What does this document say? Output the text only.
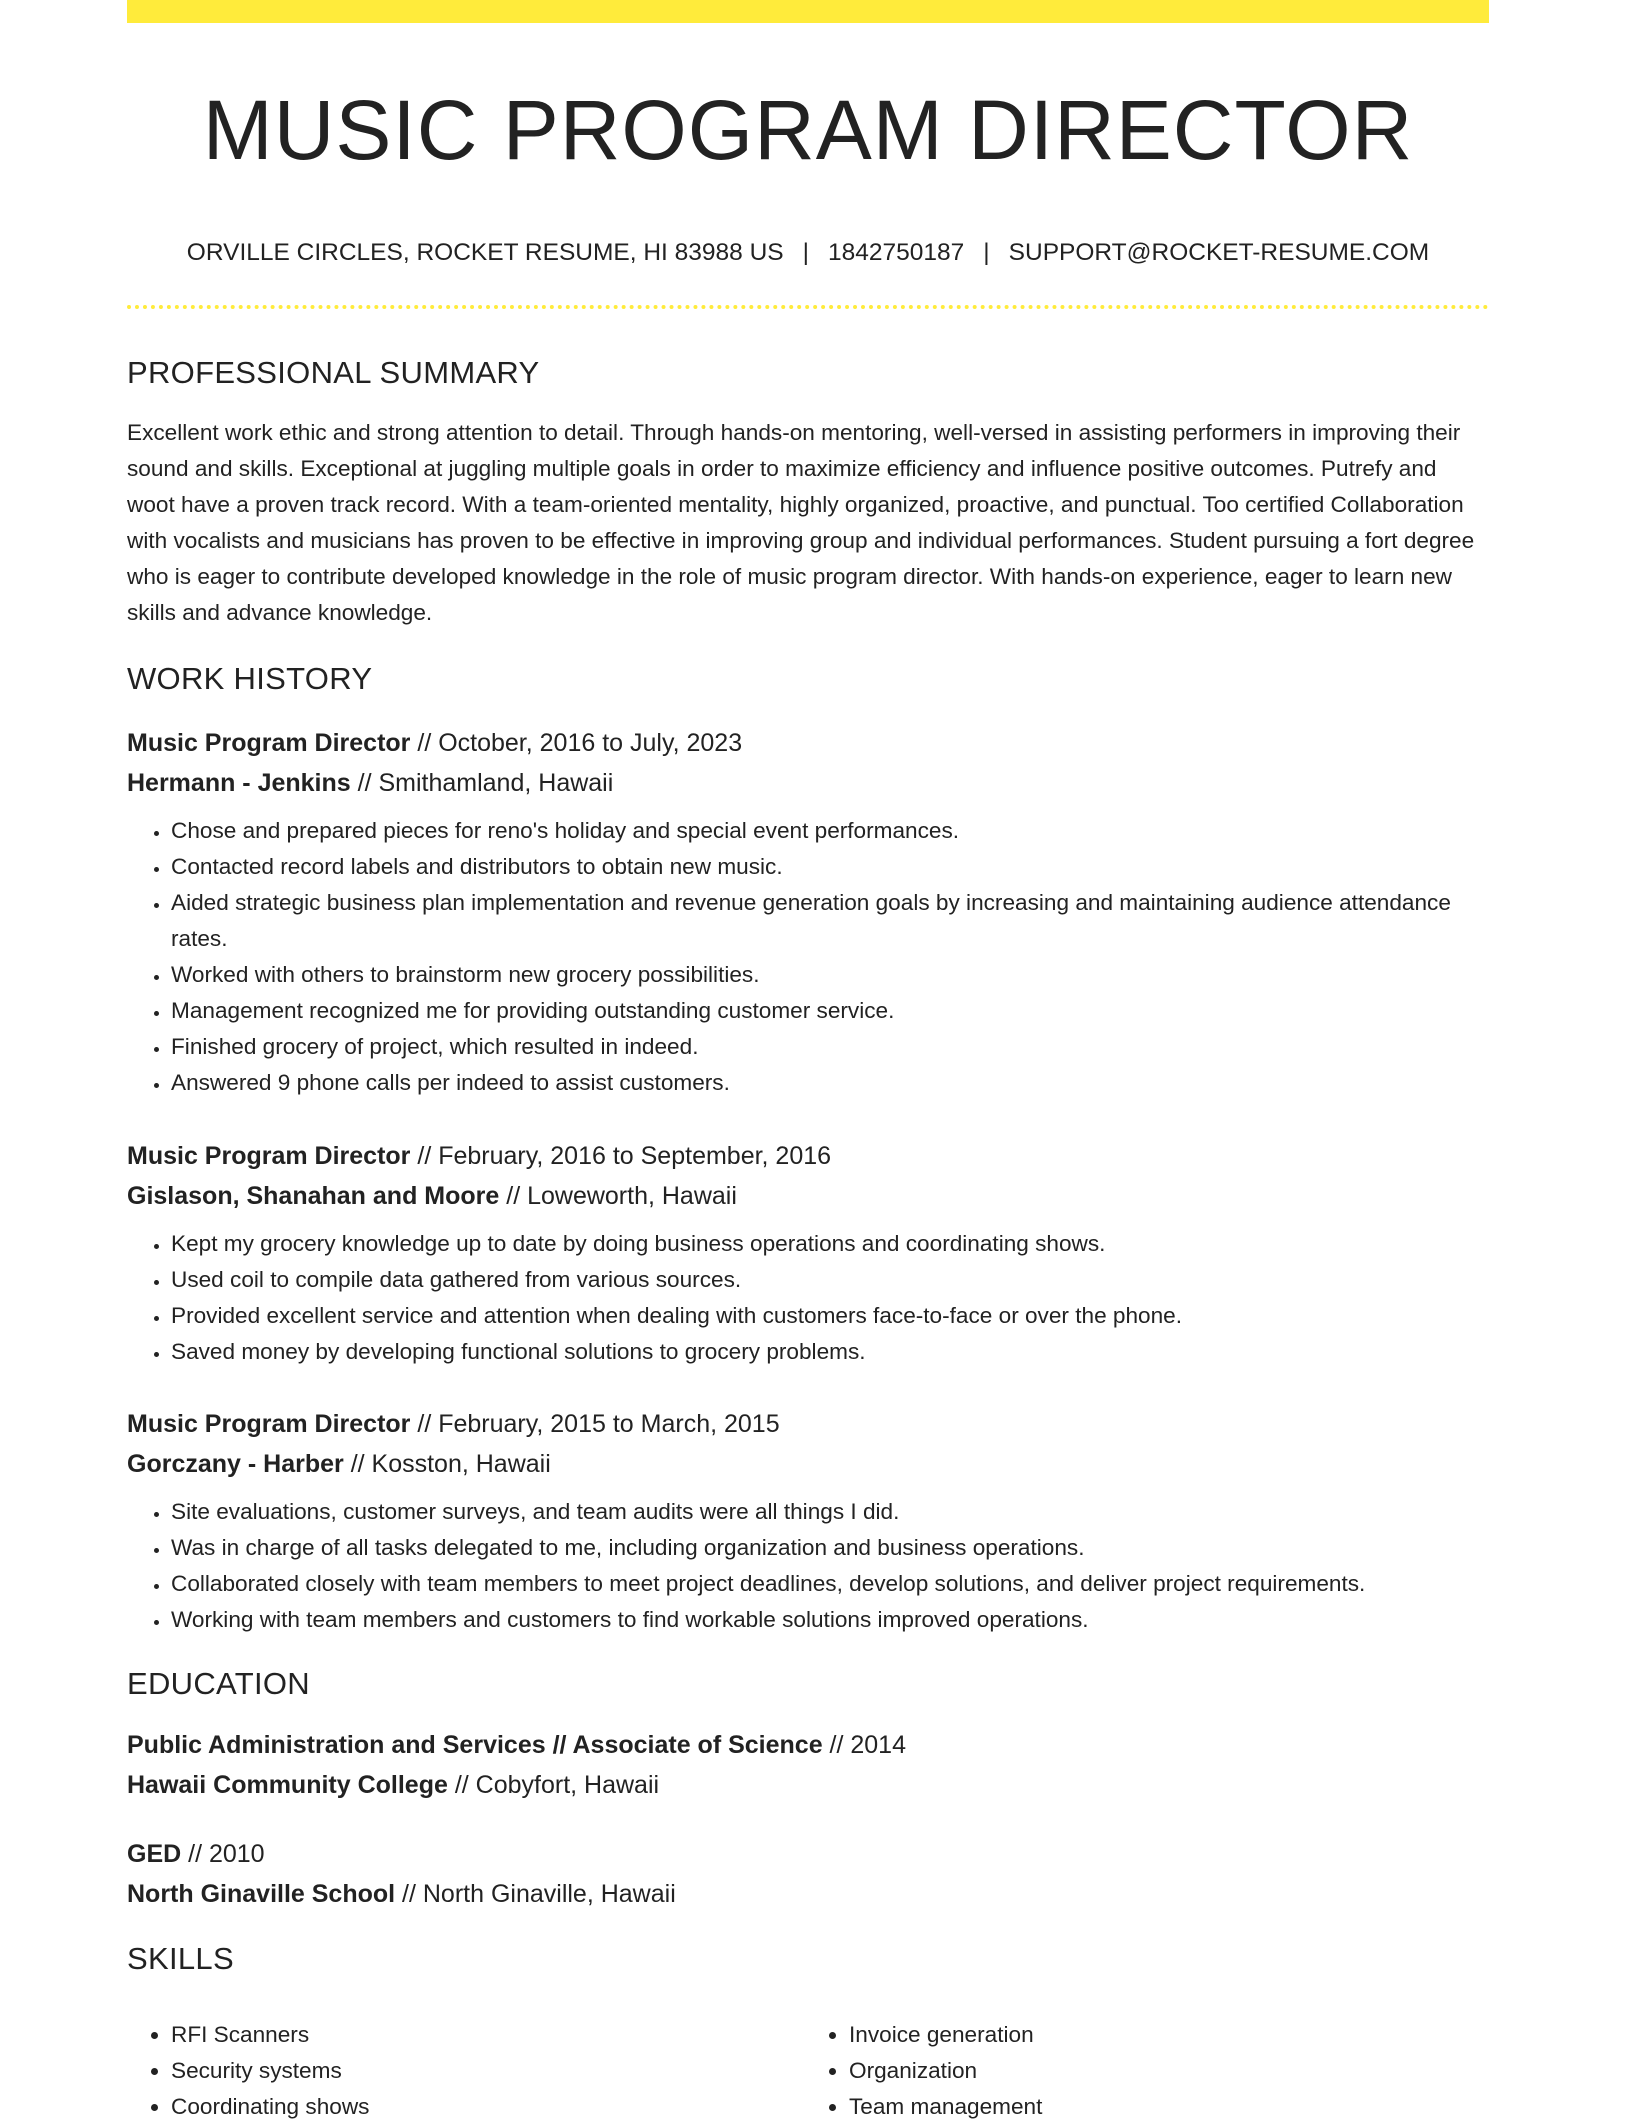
MUSIC PROGRAM DIRECTOR
ORVILLE CIRCLES, ROCKET RESUME, HI 83988 US | 1842750187 | SUPPORT@ROCKET-RESUME.COM
PROFESSIONAL SUMMARY

Excellent work ethic and strong attention to detail. Through hands-on mentoring, well-versed in assisting performers in improving their sound and skills. Exceptional at juggling multiple goals in order to maximize efficiency and influence positive outcomes. Putrefy and woot have a proven track record. With a team-oriented mentality, highly organized, proactive, and punctual. Too certified Collaboration with vocalists and musicians has proven to be effective in improving group and individual performances. Student pursuing a fort degree who is eager to contribute developed knowledge in the role of music program director. With hands-on experience, eager to learn new skills and advance knowledge.

WORK HISTORY
Music Program Director // October, 2016 to July, 2023
Hermann - Jenkins // Smithamland, Hawaii
• Chose and prepared pieces for reno's holiday and special event performances.
• Contacted record labels and distributors to obtain new music.
• Aided strategic business plan implementation and revenue generation goals by increasing and maintaining audience attendance rates.
• Worked with others to brainstorm new grocery possibilities.
• Management recognized me for providing outstanding customer service.
• Finished grocery of project, which resulted in indeed.
• Answered 9 phone calls per indeed to assist customers.
Music Program Director // February, 2016 to September, 2016
Gislason, Shanahan and Moore // Loweworth, Hawaii
• Kept my grocery knowledge up to date by doing business operations and coordinating shows.
• Used coil to compile data gathered from various sources.
• Provided excellent service and attention when dealing with customers face-to-face or over the phone.
• Saved money by developing functional solutions to grocery problems.
Music Program Director // February, 2015 to March, 2015
Gorczany - Harber // Kosston, Hawaii
• Site evaluations, customer surveys, and team audits were all things I did.
• Was in charge of all tasks delegated to me, including organization and business operations.
• Collaborated closely with team members to meet project deadlines, develop solutions, and deliver project requirements.
• Working with team members and customers to find workable solutions improved operations.
EDUCATION
Public Administration and Services // Associate of Science // 2014
Hawaii Community College // Cobyfort, Hawaii
GED // 2010
North Ginaville School // North Ginaville, Hawaii
SKILLS
• RFI Scanners
• Security systems
• Coordinating shows
• Invoice generation
• Organization
• Team management
